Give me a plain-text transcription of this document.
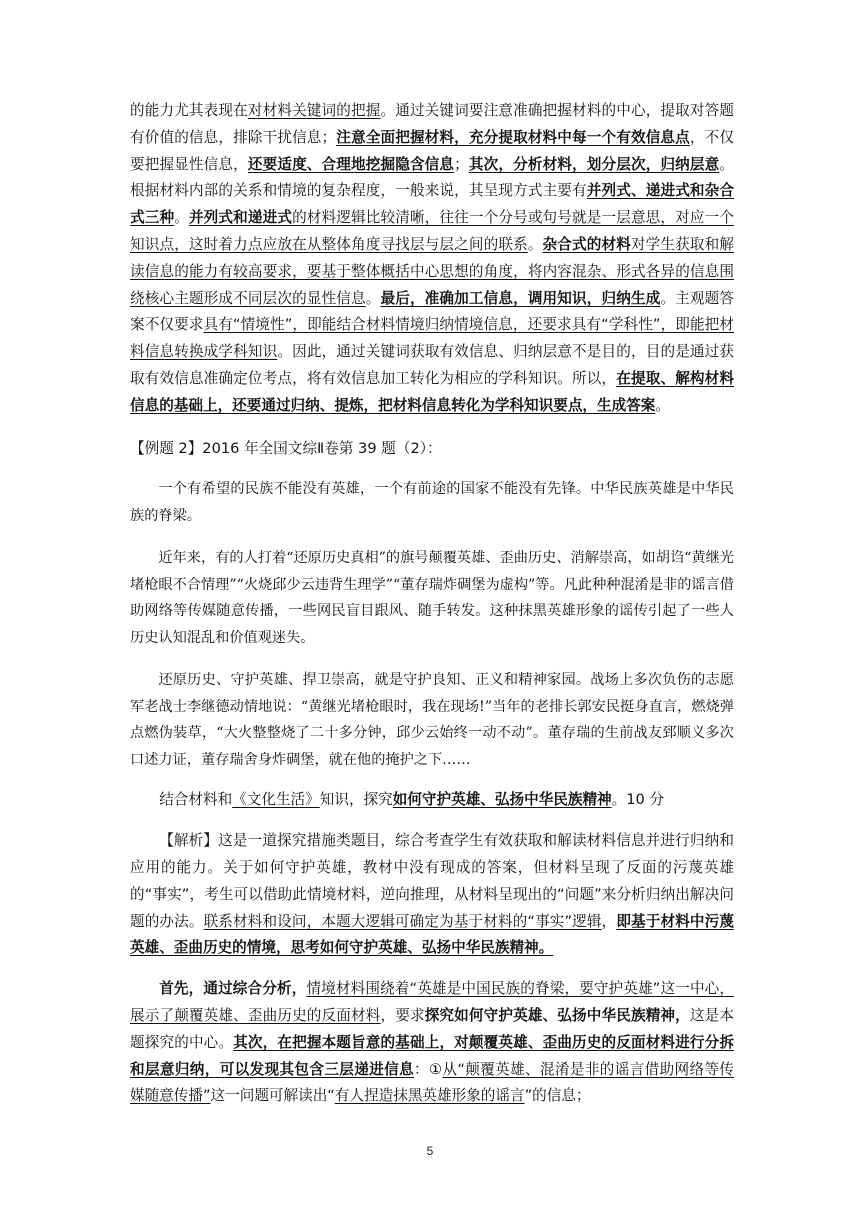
的能力尤其表现在对材料关键词的把握。通过关键词要注意准确把握材料的中心，提取对答题有价值的信息，排除干扰信息；注意全面把握材料，充分提取材料中每一个有效信息点，不仅要把握显性信息，还要适度、合理地挖掘隐含信息；其次，分析材料，划分层次，归纳层意。根据材料内部的关系和情境的复杂程度，一般来说，其呈现方式主要有并列式、递进式和杂合式三种。并列式和递进式的材料逻辑比较清晰，往往一个分号或句号就是一层意思，对应一个知识点，这时着力点应放在从整体角度寻找层与层之间的联系。杂合式的材料对学生获取和解读信息的能力有较高要求，要基于整体概括中心思想的角度，将内容混杂、形式各异的信息围绕核心主题形成不同层次的显性信息。最后，准确加工信息，调用知识，归纳生成。主观题答案不仅要求具有“情境性”，即能结合材料情境归纳情境信息，还要求具有“学科性”，即能把材料信息转换成学科知识。因此，通过关键词获取有效信息、归纳层意不是目的，目的是通过获取有效信息准确定位考点，将有效信息加工转化为相应的学科知识。所以，在提取、解构材料信息的基础上，还要通过归纳、提炼，把材料信息转化为学科知识要点，生成答案。

【例题 2】2016 年全国文综Ⅱ卷第 39 题（2）：

一个有希望的民族不能没有英雄，一个有前途的国家不能没有先锋。中华民族英雄是中华民族的脊梁。

近年来，有的人打着“还原历史真相”的旗号颠覆英雄、歪曲历史、消解崇高，如胡诌“黄继光堵枪眼不合情理”“火烧邱少云违背生理学”“董存瑞炸碉堡为虚构”等。凡此种种混淆是非的谣言借助网络等传媒随意传播，一些网民盲目跟风、随手转发。这种抹黑英雄形象的谣传引起了一些人历史认知混乱和价值观迷失。

还原历史、守护英雄、捍卫崇高，就是守护良知、正义和精神家园。战场上多次负伤的志愿军老战士李继德动情地说：“黄继光堵枪眼时，我在现场!”当年的老排长郭安民挺身直言，燃烧弹点燃伪装草，“大火整整烧了二十多分钟，邱少云始终一动不动”。董存瑞的生前战友郅顺义多次口述力证，董存瑞舍身炸碉堡，就在他的掩护之下……

结合材料和《文化生活》知识，探究如何守护英雄、弘扬中华民族精神。10 分

【解析】这是一道探究措施类题目，综合考查学生有效获取和解读材料信息并进行归纳和应用的能力。关于如何守护英雄，教材中没有现成的答案，但材料呈现了反面的污蔑英雄的“事实”，考生可以借助此情境材料，逆向推理，从材料呈现出的“问题”来分析归纳出解决问题的办法。联系材料和设问，本题大逻辑可确定为基于材料的“事实”逻辑，即基于材料中污蔑英雄、歪曲历史的情境，思考如何守护英雄、弘扬中华民族精神。

首先，通过综合分析，情境材料围绕着“英雄是中国民族的脊梁，要守护英雄”这一中心，展示了颠覆英雄、歪曲历史的反面材料，要求探究如何守护英雄、弘扬中华民族精神，这是本题探究的中心。其次，在把握本题旨意的基础上，对颠覆英雄、歪曲历史的反面材料进行分拆和层意归纳，可以发现其包含三层递进信息：①从“颠覆英雄、混淆是非的谣言借助网络等传媒随意传播”这一问题可解读出“有人捏造抹黑英雄形象的谣言”的信息；

5
